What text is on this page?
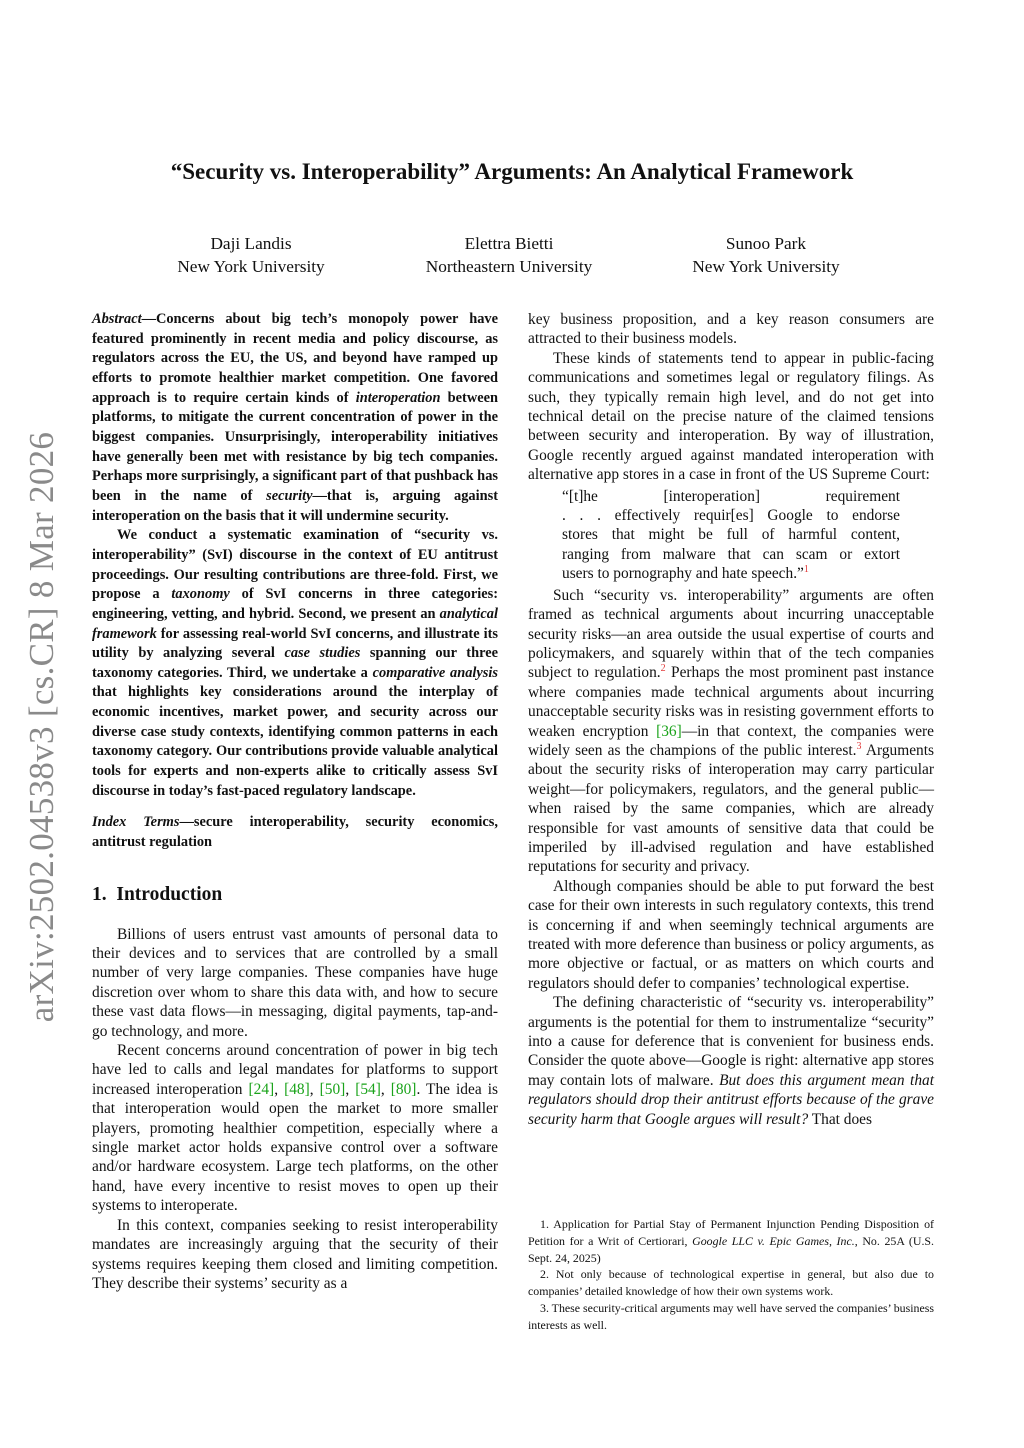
arXiv:2502.04538v3 [cs.CR] 8 Mar 2026
“Security vs. Interoperability” Arguments: An Analytical Framework
Daji Landis
New York University
Elettra Bietti
Northeastern University
Sunoo Park
New York University

Abstract—Concerns about big tech’s monopoly power have featured prominently in recent media and policy discourse, as regulators across the EU, the US, and beyond have ramped up efforts to promote healthier market competition. One favored approach is to require certain kinds of interoperation between platforms, to mitigate the current concentration of power in the biggest companies. Unsurprisingly, interoperability initiatives have generally been met with resistance by big tech companies. Perhaps more surprisingly, a significant part of that pushback has been in the name of security—that is, arguing against interoperation on the basis that it will undermine security.

We conduct a systematic examination of “security vs. interoperability” (SvI) discourse in the context of EU antitrust proceedings. Our resulting contributions are three-fold. First, we propose a taxonomy of SvI concerns in three categories: engineering, vetting, and hybrid. Second, we present an analytical framework for assessing real-world SvI concerns, and illustrate its utility by analyzing several case studies spanning our three taxonomy categories. Third, we undertake a comparative analysis that highlights key considerations around the interplay of economic incentives, market power, and security across our diverse case study contexts, identifying common patterns in each taxonomy category. Our contributions provide valuable analytical tools for experts and non-experts alike to critically assess SvI discourse in today’s fast-paced regulatory landscape.

Index Terms—secure interoperability, security economics, antitrust regulation

1. Introduction

Billions of users entrust vast amounts of personal data to their devices and to services that are controlled by a small number of very large companies. These companies have huge discretion over whom to share this data with, and how to secure these vast data flows—in messaging, digital payments, tap-and-go technology, and more.

Recent concerns around concentration of power in big tech have led to calls and legal mandates for platforms to support increased interoperation [24], [48], [50], [54], [80]. The idea is that interoperation would open the market to more smaller players, promoting healthier competition, especially where a single market actor holds expansive control over a software and/or hardware ecosystem. Large tech platforms, on the other hand, have every incentive to resist moves to open up their systems to interoperate.

In this context, companies seeking to resist interoperability mandates are increasingly arguing that the security of their systems requires keeping them closed and limiting competition. They describe their systems’ security as a

key business proposition, and a key reason consumers are attracted to their business models.

These kinds of statements tend to appear in public-facing communications and sometimes legal or regulatory filings. As such, they typically remain high level, and do not get into technical detail on the precise nature of the claimed tensions between security and interoperation. By way of illustration, Google recently argued against mandated interoperation with alternative app stores in a case in front of the US Supreme Court:

“[t]he [interoperation] requirement
. . . effectively requir[es] Google to endorse
stores that might be full of harmful content,
ranging from malware that can scam or extort
users to pornography and hate speech.”$^1$

Such “security vs. interoperability” arguments are often framed as technical arguments about incurring unacceptable security risks—an area outside the usual expertise of courts and policymakers, and squarely within that of the tech companies subject to regulation.$^2$ Perhaps the most prominent past instance where companies made technical arguments about incurring unacceptable security risks was in resisting government efforts to weaken encryption [36]—in that context, the companies were widely seen as the champions of the public interest.$^3$ Arguments about the security risks of interoperation may carry particular weight—for policymakers, regulators, and the general public—when raised by the same companies, which are already responsible for vast amounts of sensitive data that could be imperiled by ill-advised regulation and have established reputations for security and privacy.

Although companies should be able to put forward the best case for their own interests in such regulatory contexts, this trend is concerning if and when seemingly technical arguments are treated with more deference than business or policy arguments, as more objective or factual, or as matters on which courts and regulators should defer to companies’ technological expertise.

The defining characteristic of “security vs. interoperability” arguments is the potential for them to instrumentalize “security” into a cause for deference that is convenient for business ends. Consider the quote above—Google is right: alternative app stores may contain lots of malware. But does this argument mean that regulators should drop their antitrust efforts because of the grave security harm that Google argues will result? That does

1. Application for Partial Stay of Permanent Injunction Pending Disposition of Petition for a Writ of Certiorari, Google LLC v. Epic Games, Inc., No. 25A (U.S. Sept. 24, 2025)

2. Not only because of technological expertise in general, but also due to companies’ detailed knowledge of how their own systems work.

3. These security-critical arguments may well have served the companies’ business interests as well.
